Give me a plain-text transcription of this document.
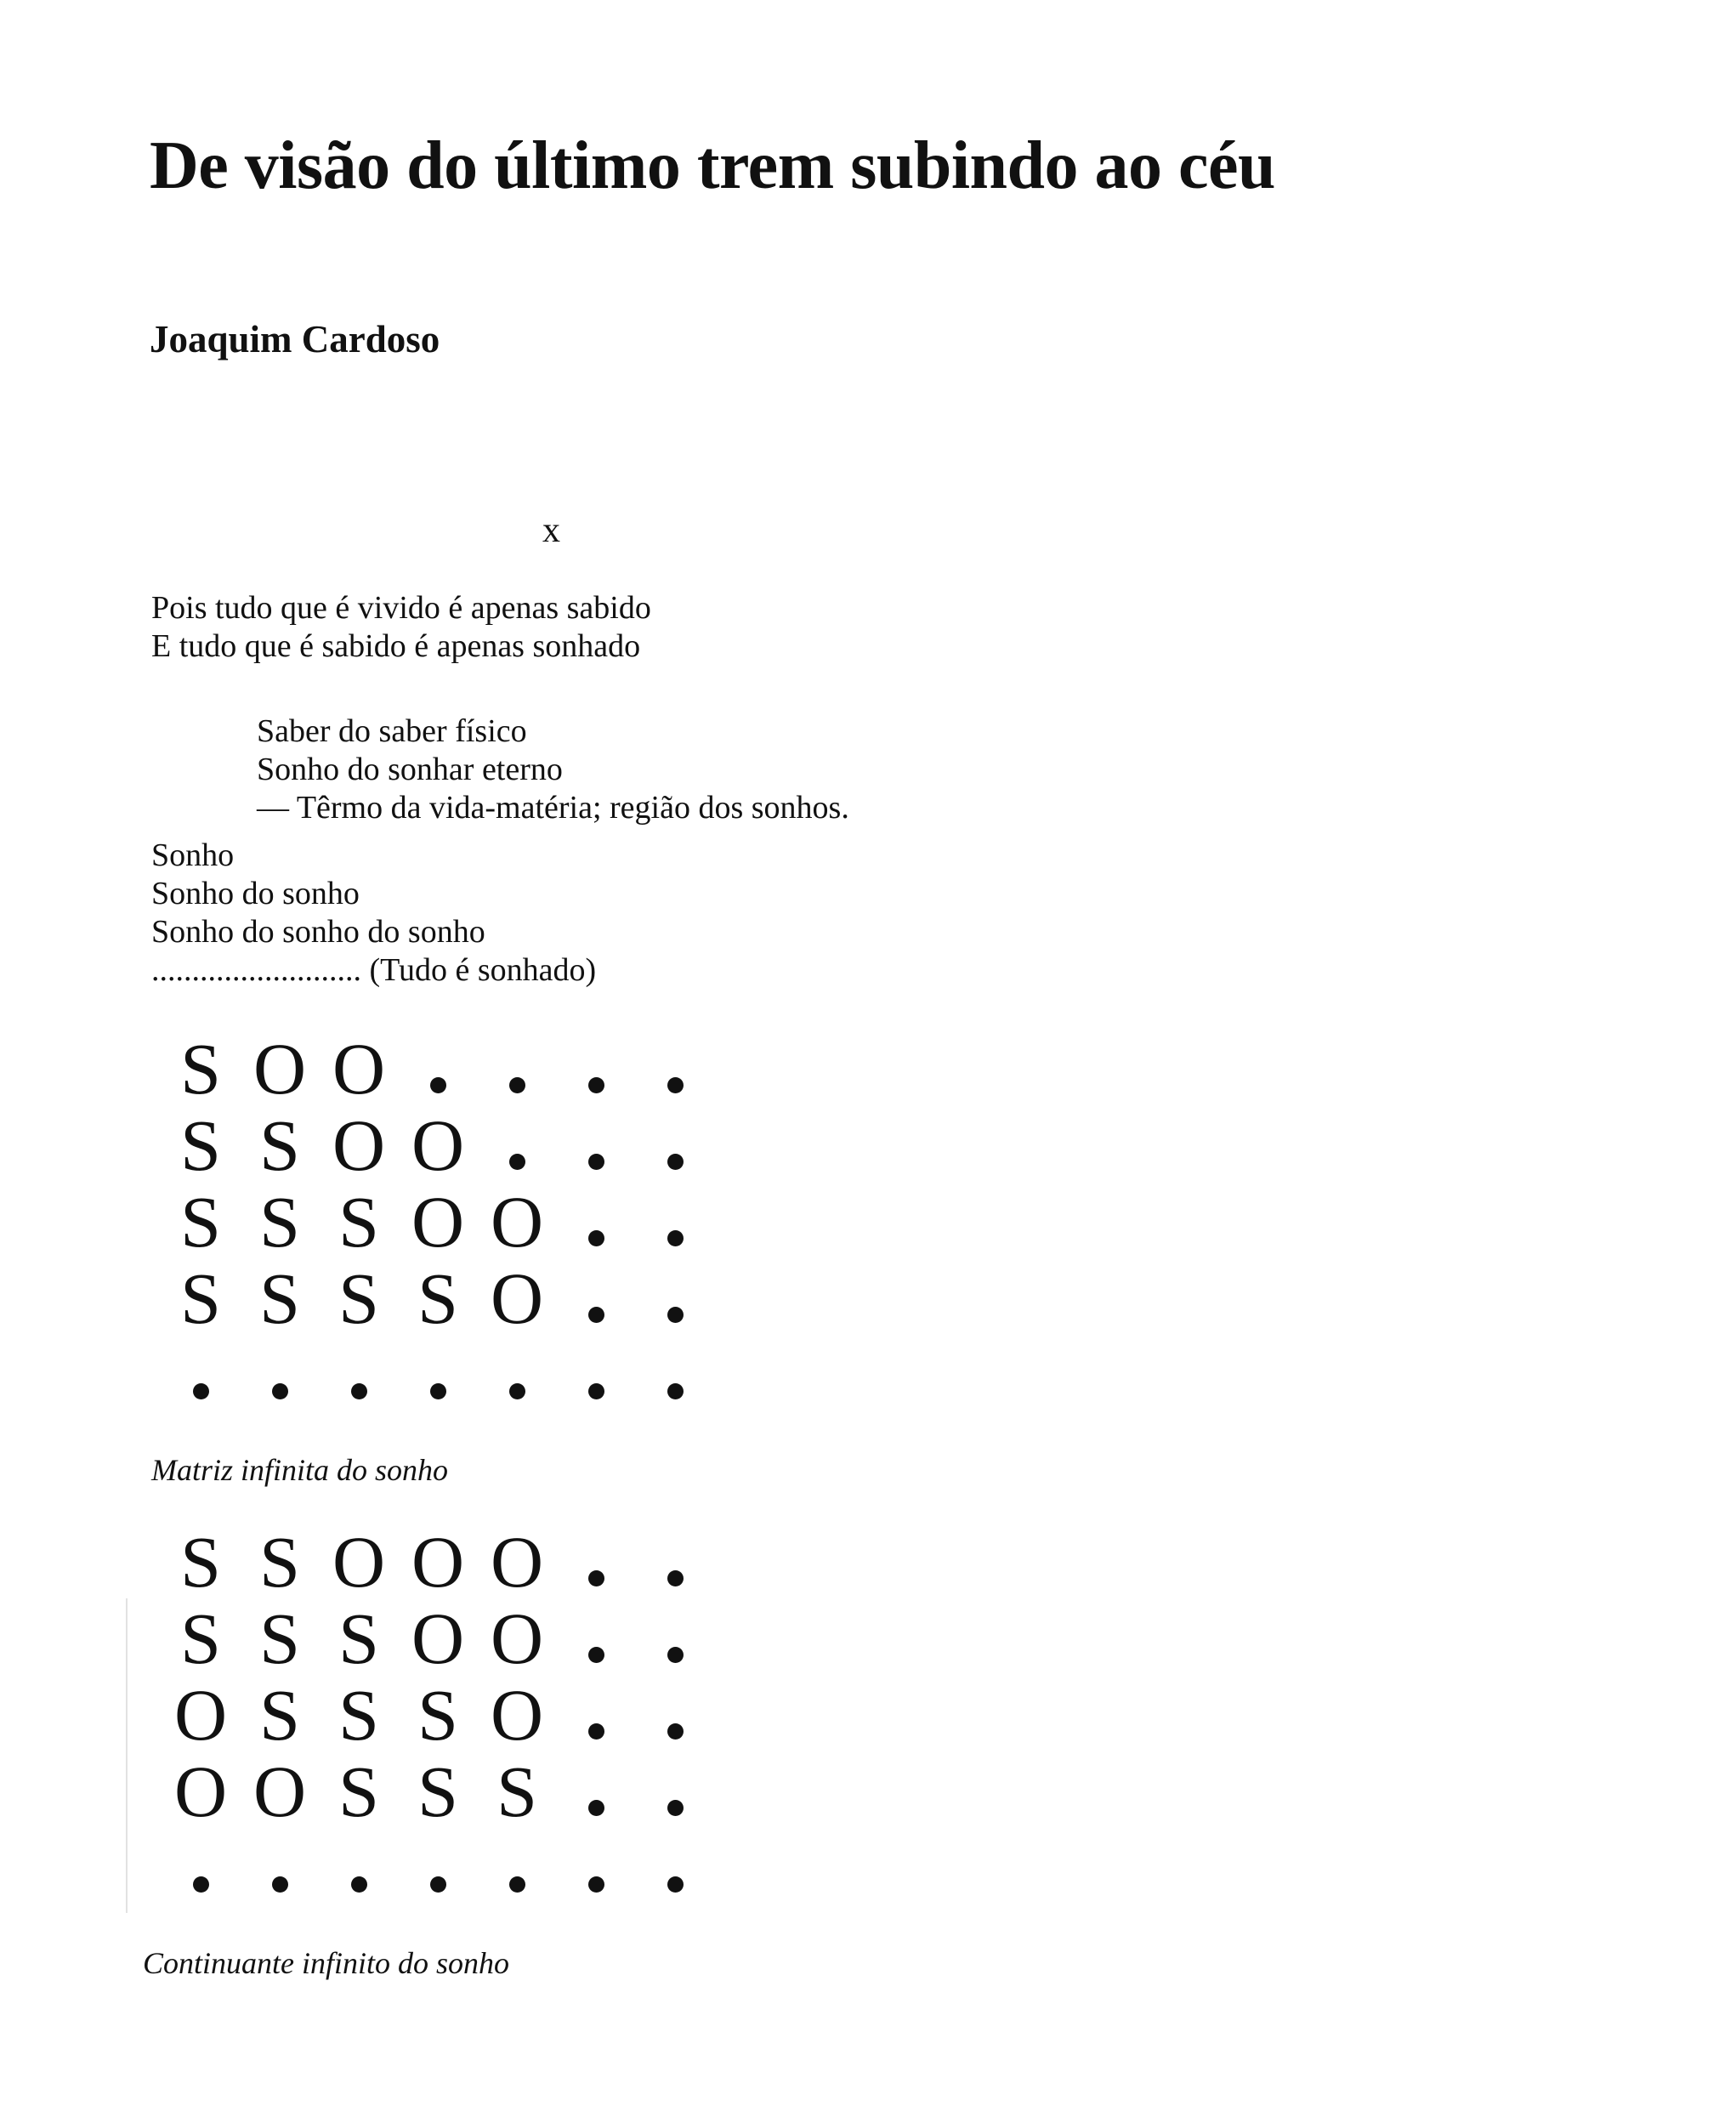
De visão do último trem subindo ao céu
Joaquim Cardoso
x
Pois tudo que é vivido é apenas sabido
E tudo que é sabido é apenas sonhado
Saber do saber físico
Sonho do sonhar eterno
— Têrmo da vida-matéria; região dos sonhos.
Sonho
Sonho do sonho
Sonho do sonho do sonho
.......................... (Tudo é sonhado)
S O O
S S O O
S S S O O
S S S S O
Matriz infinita do sonho
S S O O O
S S S O O
O S S S O
O O S S S
Continuante infinito do sonho
